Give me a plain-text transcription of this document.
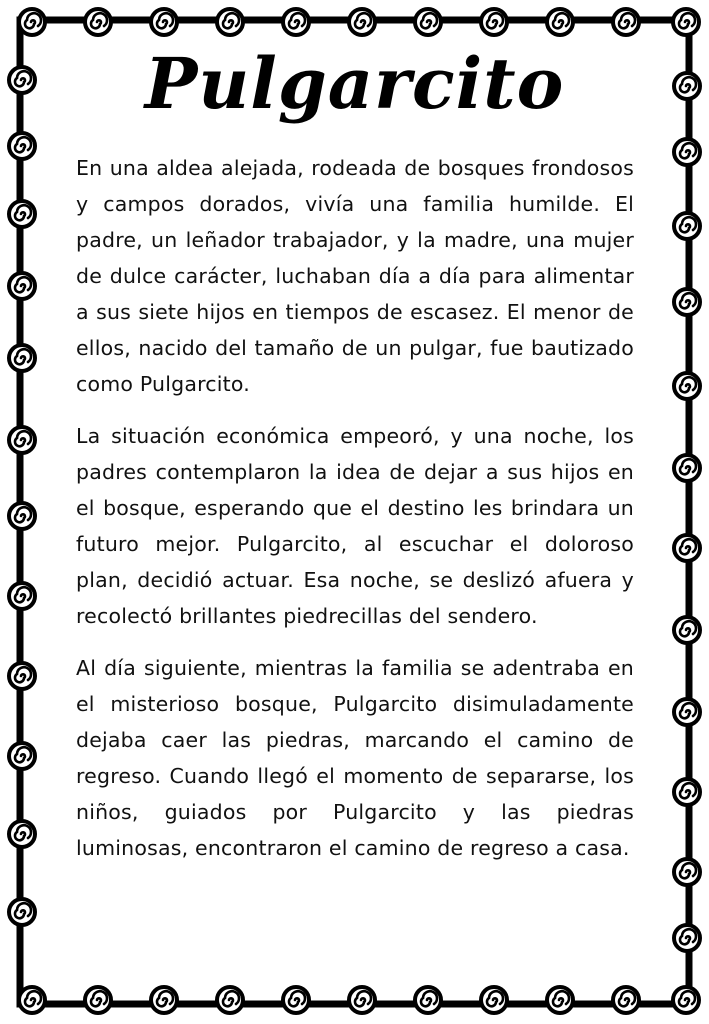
Pulgarcito

En una aldea alejada, rodeada de bosques frondosos y campos dorados, vivía una familia humilde. El padre, un leñador trabajador, y la madre, una mujer de dulce carácter, luchaban día a día para alimentar a sus siete hijos en tiempos de escasez. El menor de ellos, nacido del tamaño de un pulgar, fue bautizado como Pulgarcito.

La situación económica empeoró, y una noche, los padres contemplaron la idea de dejar a sus hijos en el bosque, esperando que el destino les brindara un futuro mejor. Pulgarcito, al escuchar el doloroso plan, decidió actuar. Esa noche, se deslizó afuera y recolectó brillantes piedrecillas del sendero.

Al día siguiente, mientras la familia se adentraba en el misterioso bosque, Pulgarcito disimuladamente dejaba caer las piedras, marcando el camino de regreso. Cuando llegó el momento de separarse, los niños, guiados por Pulgarcito y las piedras luminosas, encontraron el camino de regreso a casa.
